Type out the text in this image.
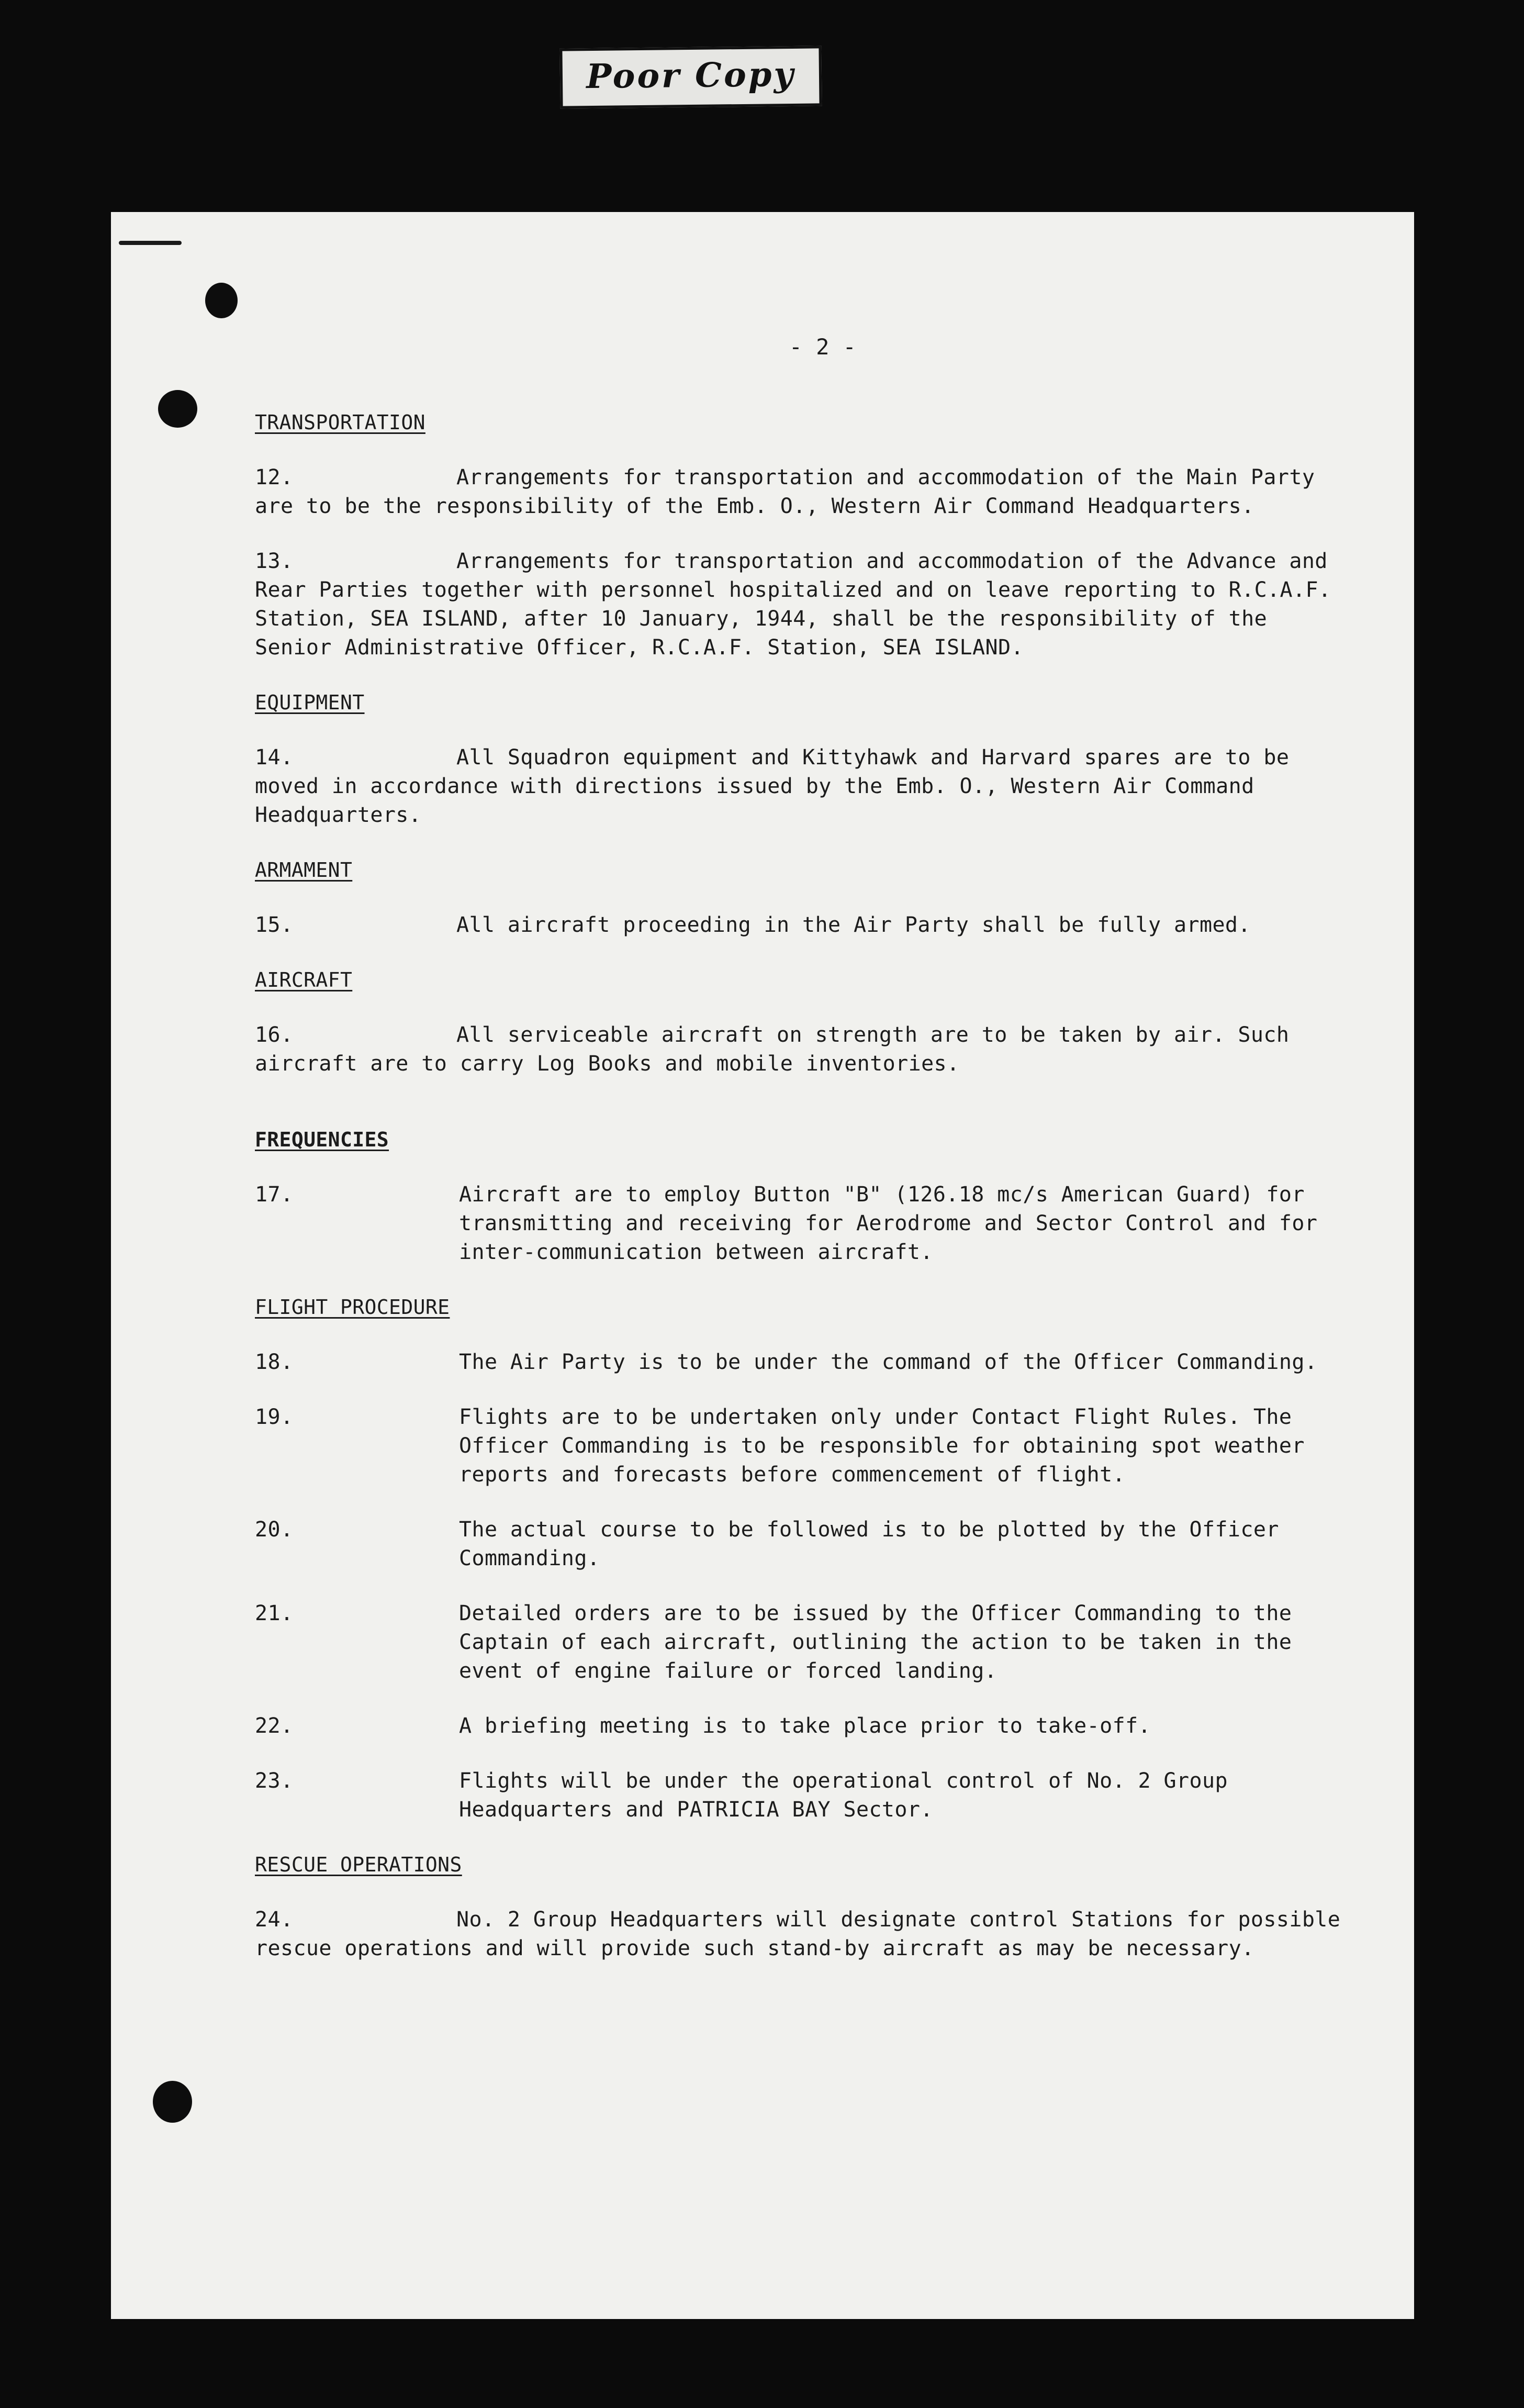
Poor Copy
- 2 -
TRANSPORTATION
12.	Arrangements for transportation and accommodation of the Main Party are to be the responsibility of the Emb. O., Western Air Command Headquarters.
13.	Arrangements for transportation and accommodation of the Advance and Rear Parties together with personnel hospitalized and on leave reporting to R.C.A.F. Station, SEA ISLAND, after 10 January, 1944, shall be the responsibility of the Senior Administrative Officer, R.C.A.F. Station, SEA ISLAND.
EQUIPMENT
14.	All Squadron equipment and Kittyhawk and Harvard spares are to be moved in accordance with directions issued by the Emb. O., Western Air Command Headquarters.
ARMAMENT
15.	All aircraft proceeding in the Air Party shall be fully armed.
AIRCRAFT
16.	All serviceable aircraft on strength are to be taken by air. Such aircraft are to carry Log Books and mobile inventories.
FREQUENCIES
17.	Aircraft are to employ Button "B" (126.18 mc/s American Guard) for transmitting and receiving for Aerodrome and Sector Control and for inter-communication between aircraft.
FLIGHT PROCEDURE
18.	The Air Party is to be under the command of the Officer Commanding.
19.	Flights are to be undertaken only under Contact Flight Rules. The Officer Commanding is to be responsible for obtaining spot weather reports and forecasts before commencement of flight.
20.	The actual course to be followed is to be plotted by the Officer Commanding.
21.	Detailed orders are to be issued by the Officer Commanding to the Captain of each aircraft, outlining the action to be taken in the event of engine failure or forced landing.
22.	A briefing meeting is to take place prior to take-off.
23.	Flights will be under the operational control of No. 2 Group Headquarters and PATRICIA BAY Sector.
RESCUE OPERATIONS
24.	No. 2 Group Headquarters will designate control Stations for possible rescue operations and will provide such stand-by aircraft as may be necessary.
